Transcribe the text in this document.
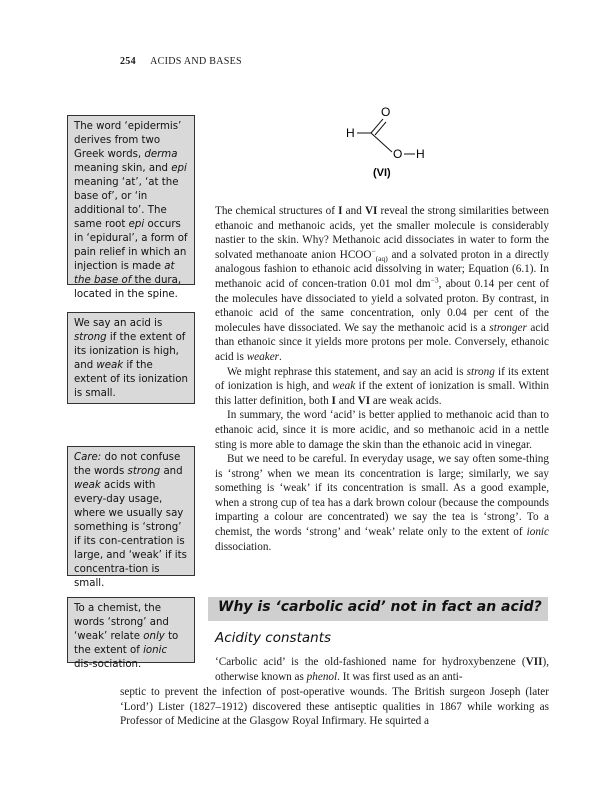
254 ACIDS AND BASES
O
H
O H
(VI)

The word ‘epidermis’ derives from two Greek words, derma meaning skin, and epi meaning ‘at’, ‘at the base of’, or ‘in additional to’. The same root epi occurs in ‘epidural’, a form of pain relief in which an injection is made at the base of the dura, located in the spine.

We say an acid is strong if the extent of its ionization is high, and weak if the extent of its ionization is small.

Care: do not confuse the words strong and weak acids with every-day usage, where we usually say something is ‘strong’ if its con-centration is large, and ‘weak’ if its concentra-tion is small.

To a chemist, the words ‘strong’ and ‘weak’ relate only to the extent of ionic dis-sociation.

The chemical structures of I and VI reveal the strong similarities between ethanoic and methanoic acids, yet the smaller molecule is considerably nastier to the skin. Why? Methanoic acid dissociates in water to form the solvated methanoate anion $HCOO^-_{(aq)}$ and a solvated proton in a directly analogous fashion to ethanoic acid dissolving in water; Equation (6.1). In methanoic acid of concen-tration 0.01 mol $dm^{-3}$, about 0.14 per cent of the molecules have dissociated to yield a solvated proton. By contrast, in ethanoic acid of the same concentration, only 0.04 per cent of the molecules have dissociated. We say the methanoic acid is a stronger acid than ethanoic since it yields more protons per mole. Conversely, ethanoic acid is weaker.

We might rephrase this statement, and say an acid is strong if its extent of ionization is high, and weak if the extent of ionization is small. Within this latter definition, both I and VI are weak acids.

In summary, the word ‘acid’ is better applied to methanoic acid than to ethanoic acid, since it is more acidic, and so methanoic acid in a nettle sting is more able to damage the skin than the ethanoic acid in vinegar.

But we need to be careful. In everyday usage, we say often some-thing is ‘strong’ when we mean its concentration is large; similarly, we say something is ‘weak’ if its concentration is small. As a good example, when a strong cup of tea has a dark brown colour (because the compounds imparting a colour are concentrated) we say the tea is ‘strong’. To a chemist, the words ‘strong’ and ‘weak’ relate only to the extent of ionic dissociation.

Why is ‘carbolic acid’ not in fact an acid?
Acidity constants

‘Carbolic acid’ is the old-fashioned name for hydroxybenzene (VII), otherwise known as phenol. It was first used as an anti-

septic to prevent the infection of post-operative wounds. The British surgeon Joseph (later ‘Lord’) Lister (1827–1912) discovered these antiseptic qualities in 1867 while working as Professor of Medicine at the Glasgow Royal Infirmary. He squirted a
